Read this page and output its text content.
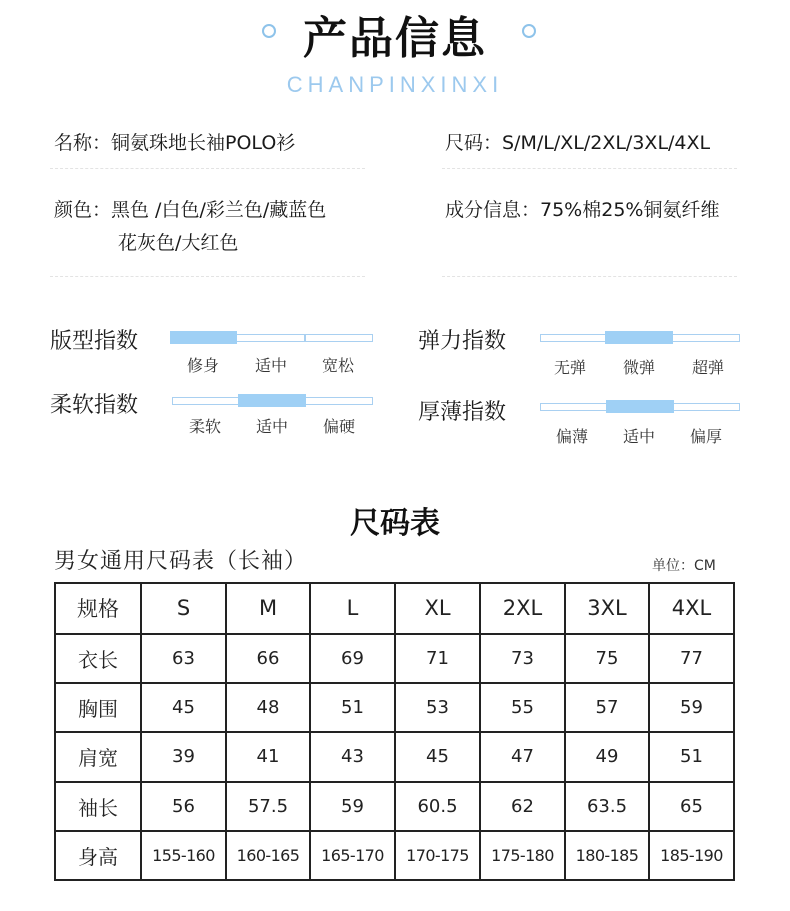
产品信息
CHANPINXINXI
名称：铜氨珠地长袖POLO衫	尺码：S/M/L/XL/2XL/3XL/4XL
颜色：黑色 /白色/彩兰色/藏蓝色
花灰色/大红色
成分信息：75%棉25%铜氨纤维
版型指数
修身	适中	宽松
柔软指数
柔软	适中	偏硬
弹力指数
无弹	微弹	超弹
厚薄指数
偏薄	适中	偏厚
尺码表
男女通用尺码表（长袖）	单位：CM
规格	S	M	L	XL	2XL	3XL	4XL
衣长	63	66	69	71	73	75	77
胸围	45	48	51	53	55	57	59
肩宽	39	41	43	45	47	49	51
袖长	56	57.5	59	60.5	62	63.5	65
身高	155-160	160-165	165-170	170-175	175-180	180-185	185-190
